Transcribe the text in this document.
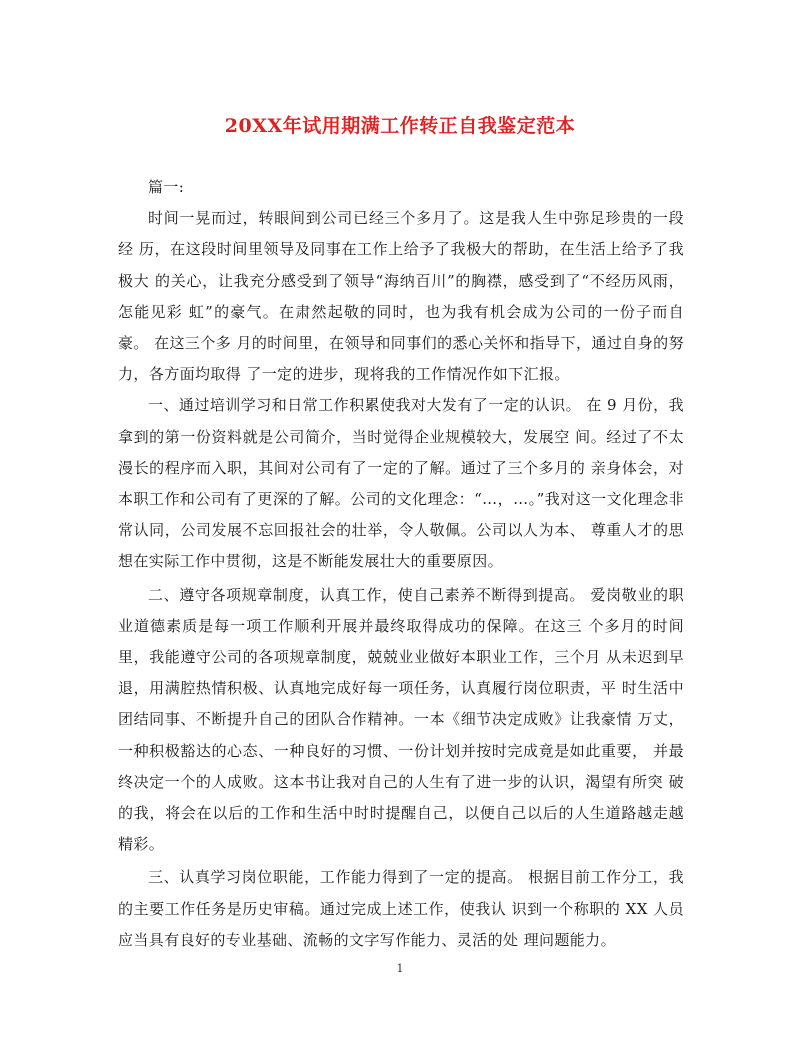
20XX年试用期满工作转正自我鉴定范本

篇一:

时间一晃而过，转眼间到公司已经三个多月了。这是我人生中弥足珍贵的一段经 历，在这段时间里领导及同事在工作上给予了我极大的帮助，在生活上给予了我极大 的关心，让我充分感受到了领导“海纳百川”的胸襟，感受到了“不经历风雨，怎能见彩 虹”的豪气。在肃然起敬的同时，也为我有机会成为公司的一份子而自豪。 在这三个多 月的时间里，在领导和同事们的悉心关怀和指导下，通过自身的努力，各方面均取得 了一定的进步，现将我的工作情况作如下汇报。

一、通过培训学习和日常工作积累使我对大发有了一定的认识。 在 9 月份，我拿到的第一份资料就是公司简介，当时觉得企业规模较大，发展空 间。经过了不太漫长的程序而入职，其间对公司有了一定的了解。通过了三个多月的 亲身体会，对本职工作和公司有了更深的了解。公司的文化理念：“…，…。”我对这一文化理念非常认同，公司发展不忘回报社会的壮举，令人敬佩。公司以人为本、 尊重人才的思想在实际工作中贯彻，这是不断能发展壮大的重要原因。

二、遵守各项规章制度，认真工作，使自己素养不断得到提高。 爱岗敬业的职业道德素质是每一项工作顺利开展并最终取得成功的保障。在这三 个多月的时间里，我能遵守公司的各项规章制度，兢兢业业做好本职业工作，三个月 从未迟到早退，用满腔热情积极、认真地完成好每一项任务，认真履行岗位职责，平 时生活中团结同事、不断提升自己的团队合作精神。一本《细节决定成败》让我豪情 万丈，一种积极豁达的心态、一种良好的习惯、一份计划并按时完成竟是如此重要， 并最终决定一个的人成败。这本书让我对自己的人生有了进一步的认识，渴望有所突 破的我，将会在以后的工作和生活中时时提醒自己，以便自己以后的人生道路越走越 精彩。

三、认真学习岗位职能，工作能力得到了一定的提高。 根据目前工作分工，我的主要工作任务是历史审稿。通过完成上述工作，使我认 识到一个称职的 XX 人员应当具有良好的专业基础、流畅的文字写作能力、灵活的处 理问题能力。

1
